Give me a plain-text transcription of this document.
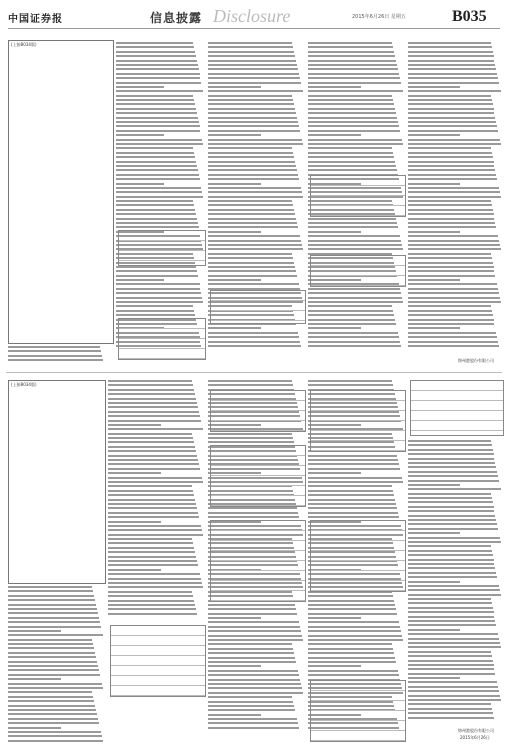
中国证券报	信息披露 Disclosure	2015年6月26日 星期五	B035
(上接B034版)
锦州港股份有限公司
(上接B034版)
锦州港股份有限公司
2015年6月26日
